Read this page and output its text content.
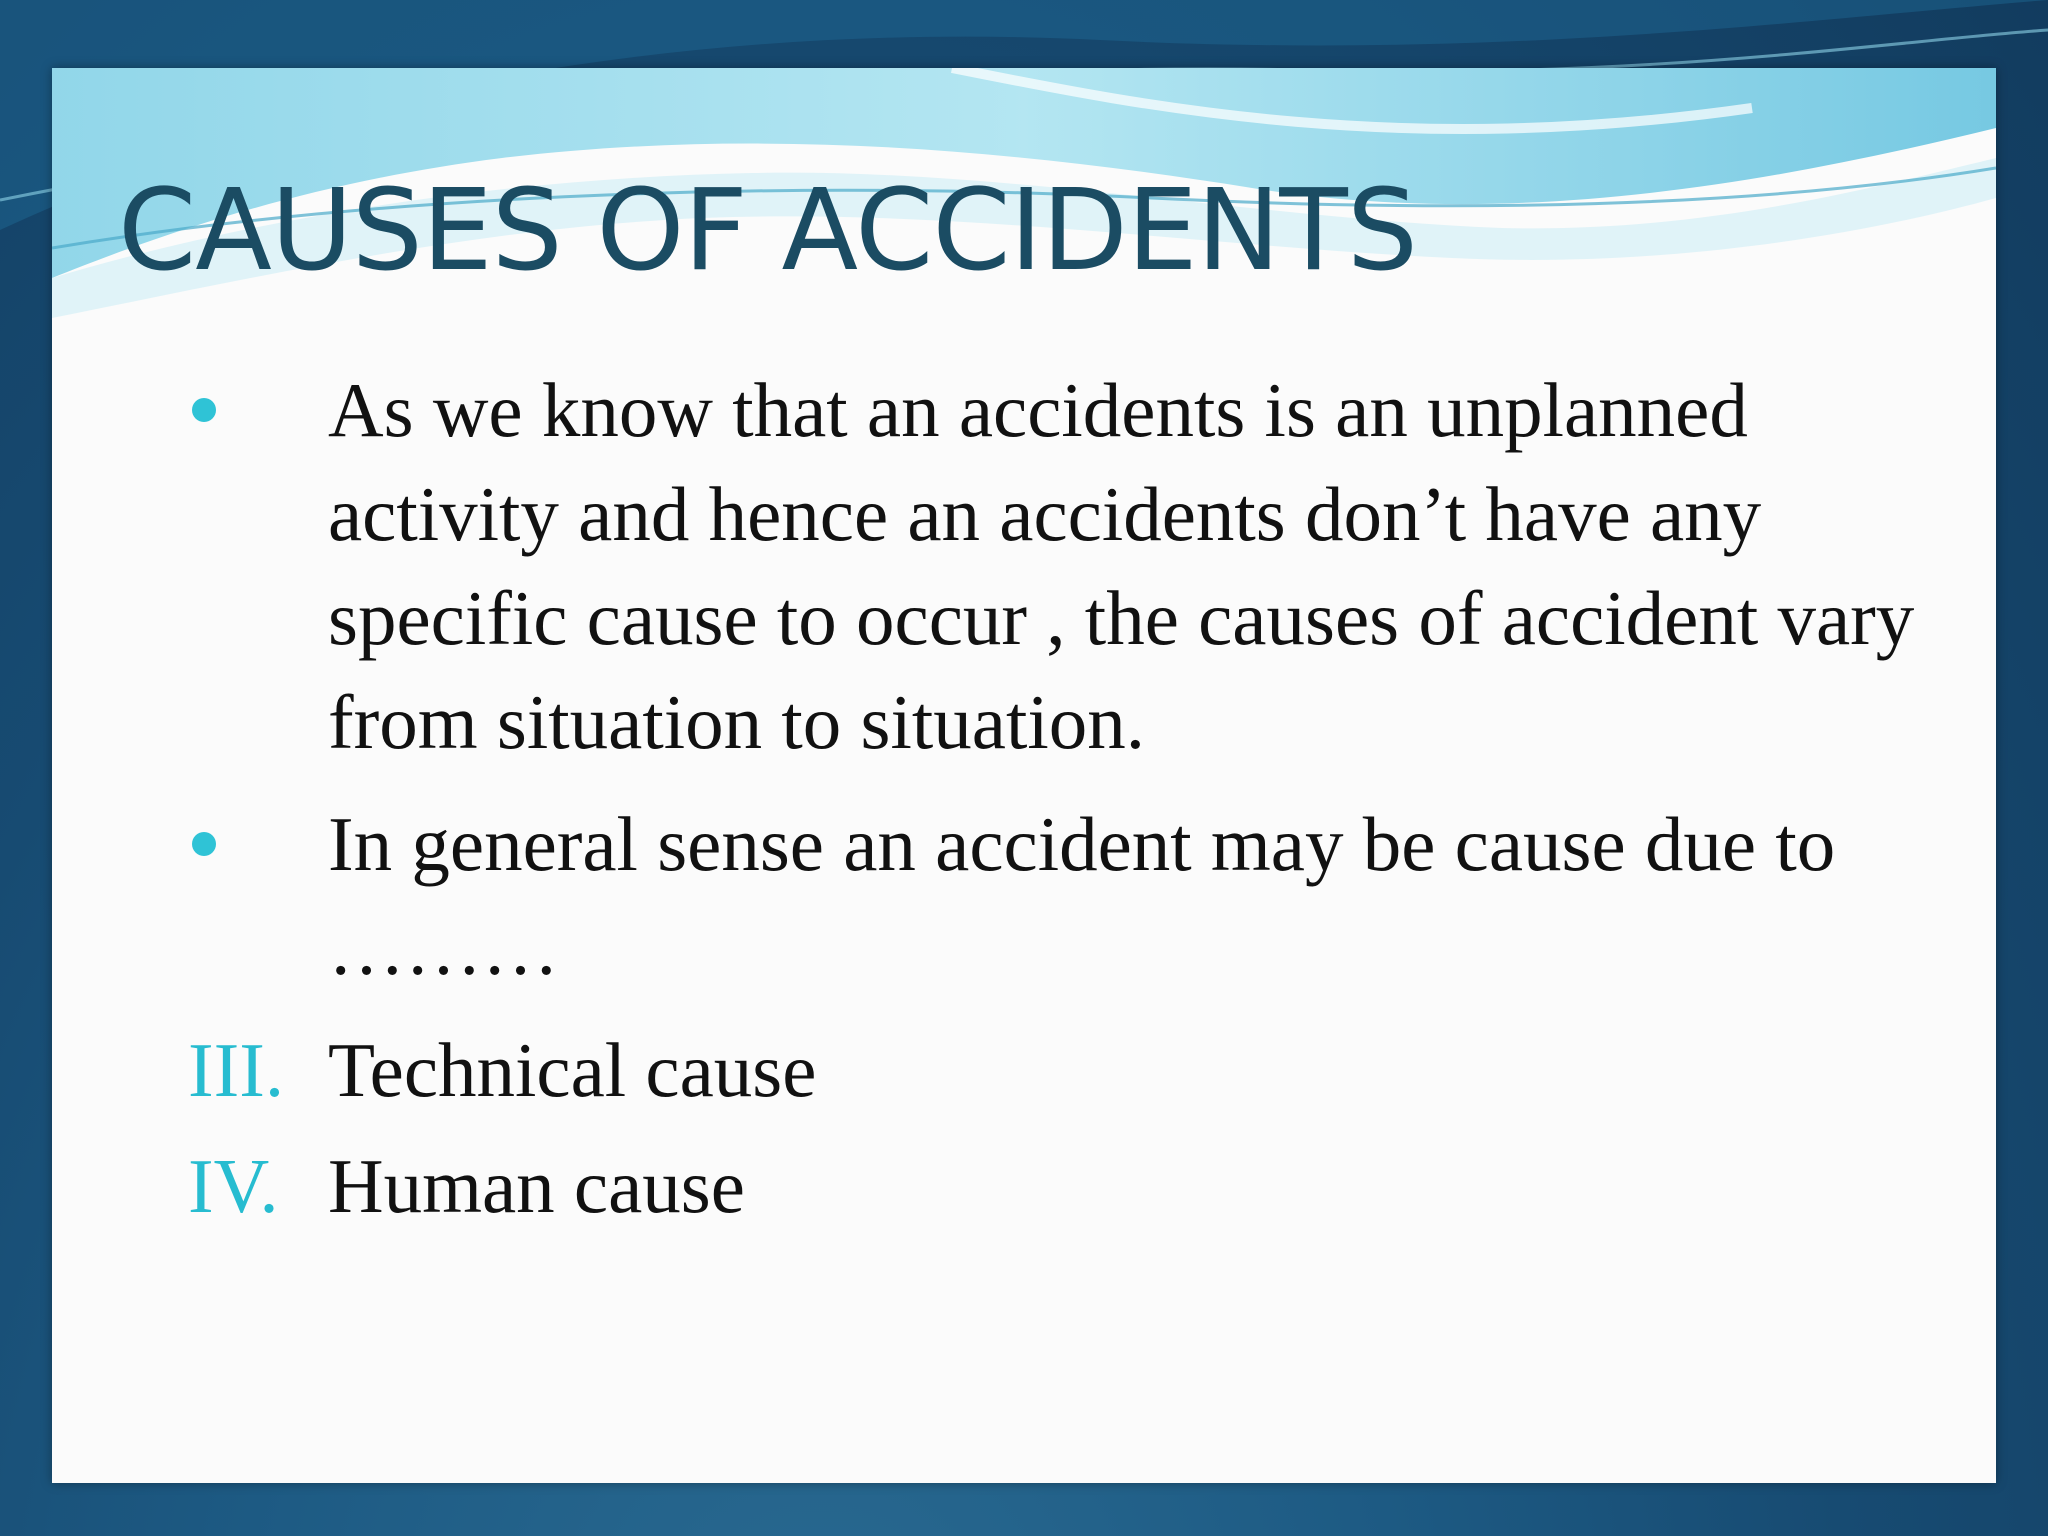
CAUSES OF ACCIDENTS
As we know that an accidents is an unplanned activity and hence an accidents don’t have any specific cause to occur , the causes of accident vary from situation to situation.
In general sense an accident may be cause due to ………
III. Technical cause
IV. Human cause
